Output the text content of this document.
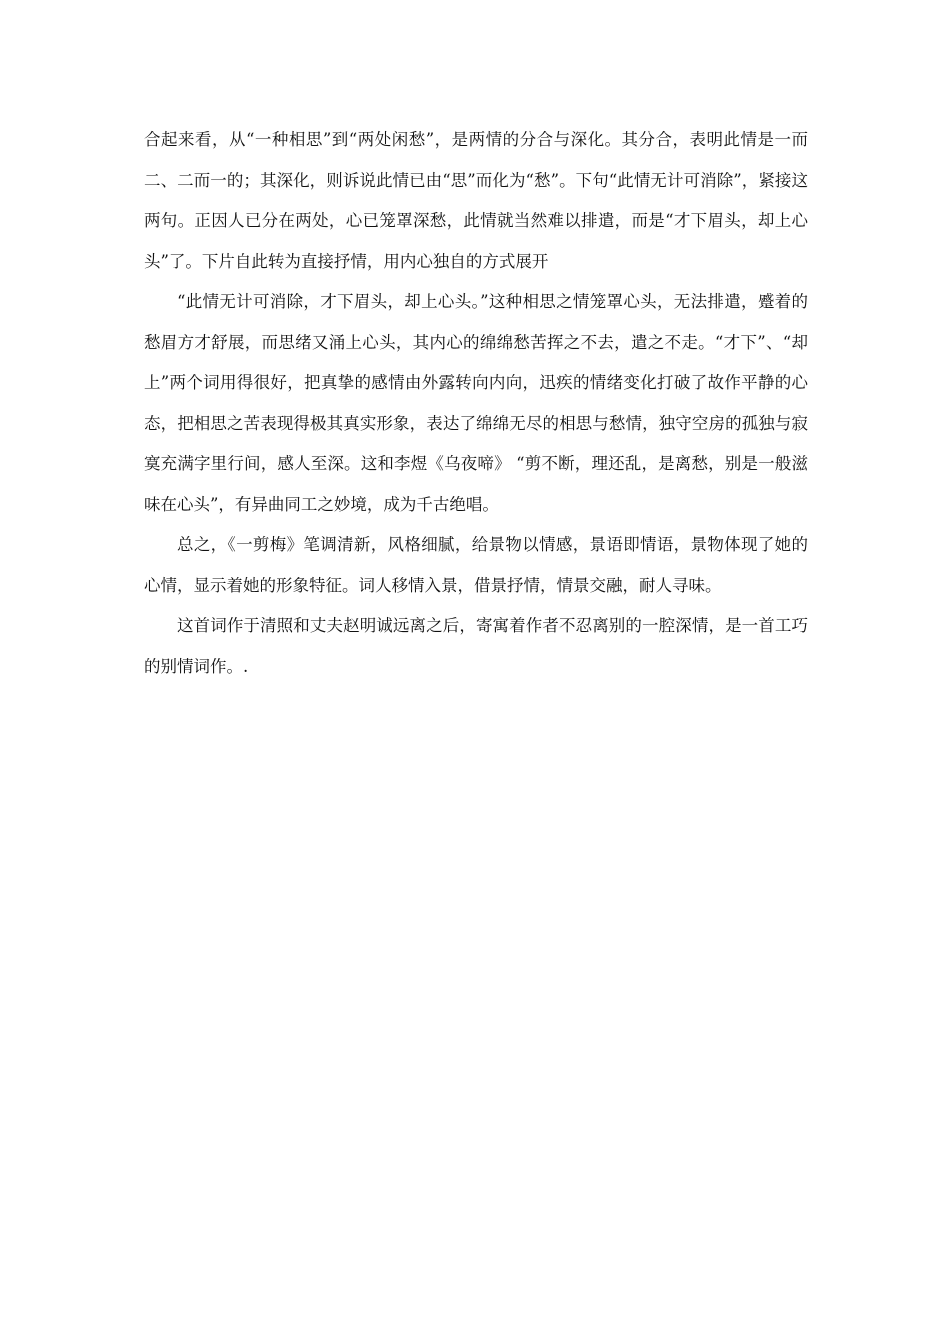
合起来看，从“一种相思”到“两处闲愁”，是两情的分合与深化。其分合，表明此情是一而二、二而一的；其深化，则诉说此情已由“思”而化为“愁”。下句“此情无计可消除”，紧接这两句。正因人已分在两处，心已笼罩深愁，此情就当然难以排遣，而是“才下眉头，却上心头”了。下片自此转为直接抒情，用内心独自的方式展开

“此情无计可消除，才下眉头，却上心头。”这种相思之情笼罩心头，无法排遣，蹙着的愁眉方才舒展，而思绪又涌上心头，其内心的绵绵愁苦挥之不去，遣之不走。“才下”、“却上”两个词用得很好，把真挚的感情由外露转向内向，迅疾的情绪变化打破了故作平静的心态，把相思之苦表现得极其真实形象，表达了绵绵无尽的相思与愁情，独守空房的孤独与寂寞充满字里行间，感人至深。这和李煜《乌夜啼》 “剪不断，理还乱，是离愁，别是一般滋味在心头”，有异曲同工之妙境，成为千古绝唱。

总之，《一剪梅》笔调清新，风格细腻，给景物以情感，景语即情语，景物体现了她的心情，显示着她的形象特征。词人移情入景，借景抒情，情景交融，耐人寻味。

这首词作于清照和丈夫赵明诚远离之后，寄寓着作者不忍离别的一腔深情，是一首工巧的别情词作。.
